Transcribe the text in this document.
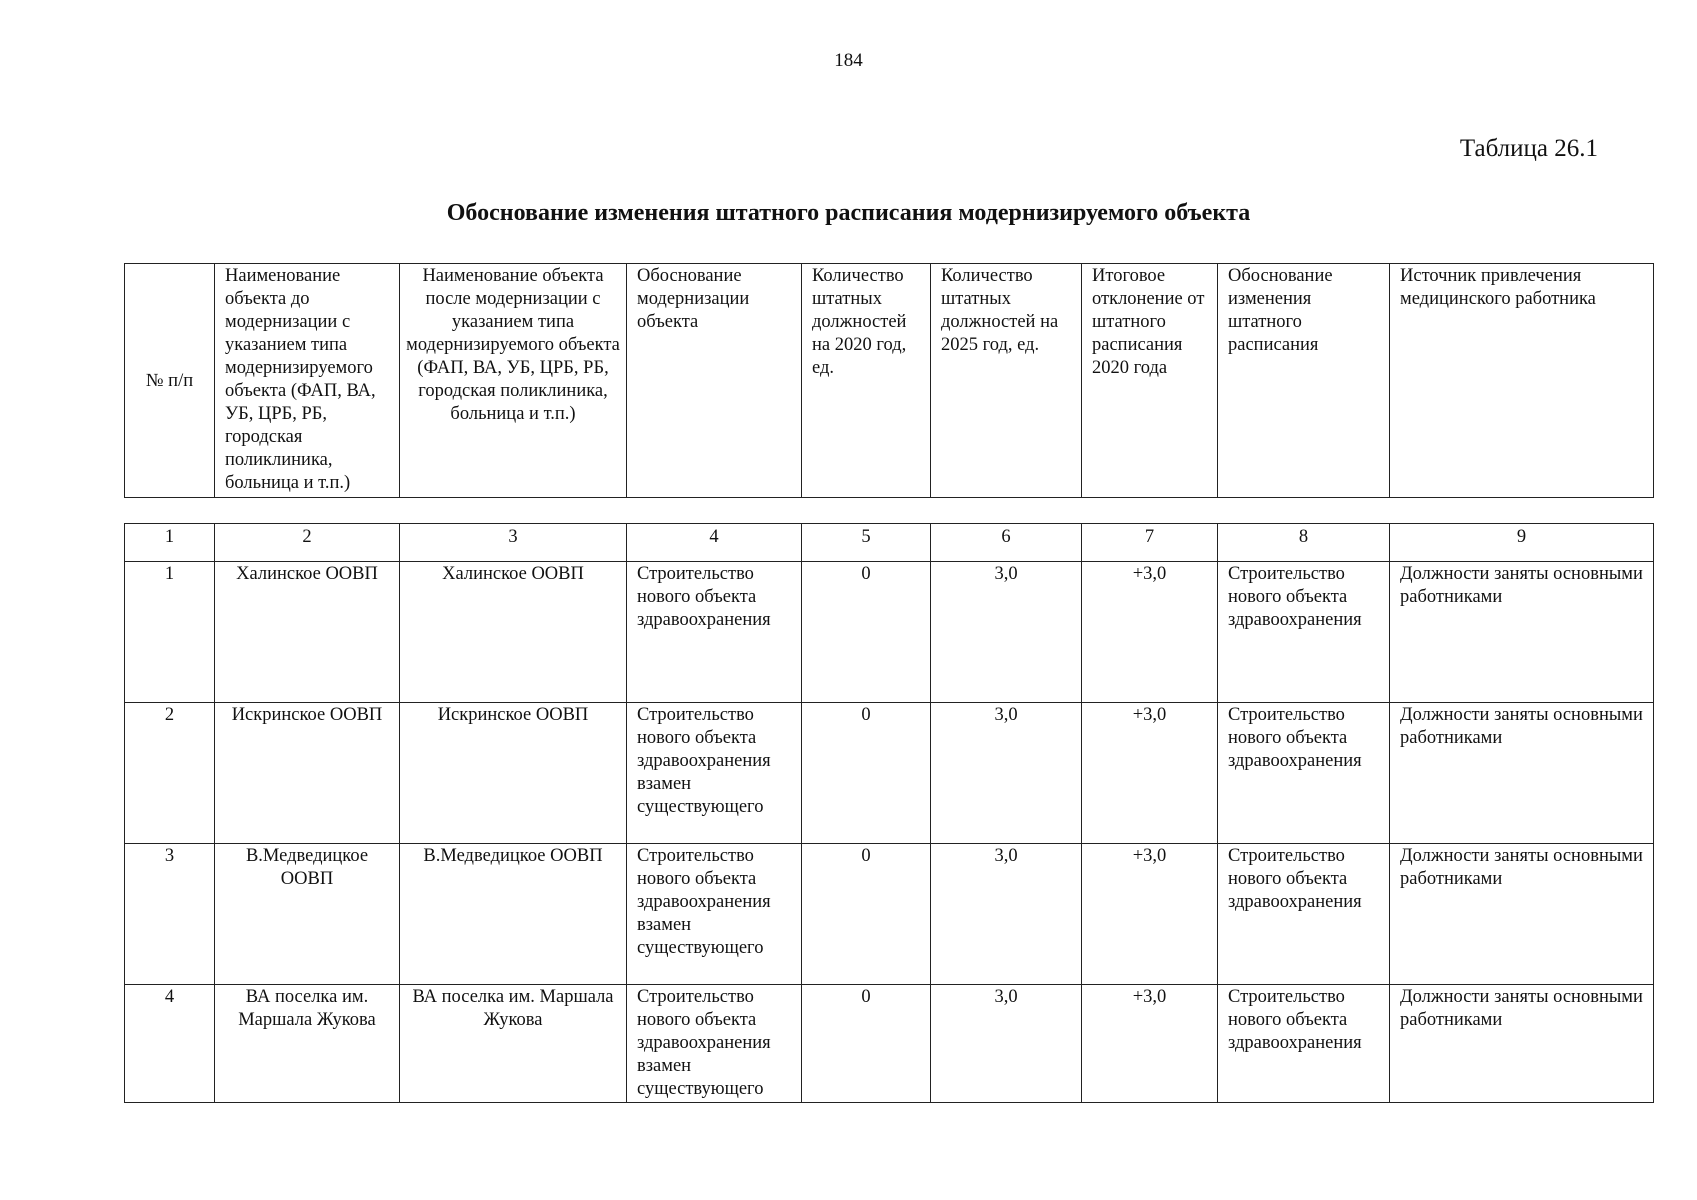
184
Таблица 26.1
Обоснование изменения штатного расписания модернизируемого объекта
№ п/п	Наименование объекта до модернизации с указанием типа модернизируемого объекта (ФАП, ВА, УБ, ЦРБ, РБ, городская поликлиника, больница и т.п.)	Наименование объекта после модернизации с указанием типа модернизируемого объекта (ФАП, ВА, УБ, ЦРБ, РБ, городская поликлиника, больница и т.п.)	Обоснование модернизации объекта	Количество штатных должностей на 2020 год, ед.	Количество штатных должностей на 2025 год, ед.	Итоговое отклонение от штатного расписания 2020 года	Обоснование изменения штатного расписания	Источник привлечения медицинского работника
1	2	3	4	5	6	7	8	9
1	Халинское ООВП	Халинское ООВП	Строительство нового объекта здравоохранения	0	3,0	+3,0	Строительство нового объекта здравоохранения	Должности заняты основными работниками
2	Искринское ООВП	Искринское ООВП	Строительство нового объекта здравоохранения взамен существующего	0	3,0	+3,0	Строительство нового объекта здравоохранения	Должности заняты основными работниками
3	В.Медведицкое ООВП	В.Медведицкое ООВП	Строительство нового объекта здравоохранения взамен существующего	0	3,0	+3,0	Строительство нового объекта здравоохранения	Должности заняты основными работниками
4	ВА поселка им. Маршала Жукова	ВА поселка им. Маршала Жукова	Строительство нового объекта здравоохранения взамен существующего	0	3,0	+3,0	Строительство нового объекта здравоохранения	Должности заняты основными работниками
